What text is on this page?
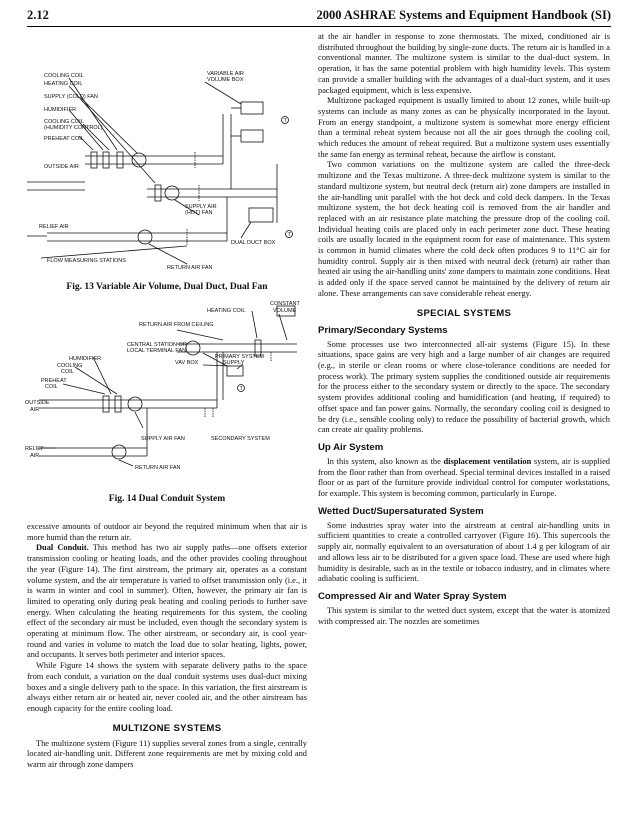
2.12	2000 ASHRAE Systems and Equipment Handbook (SI)
COOLING COIL
HEATING COIL
SUPPLY (COLD) FAN
HUMIDIFIER
COOLING COIL
(HUMIDITY CONTROL)
PREHEAT COIL
OUTSIDE AIR
VARIABLE AIR
VOLUME BOX
SUPPLY AIR
(HOT) FAN
RELIEF AIR
DUAL DUCT BOX
FLOW MEASURING STATIONS
RETURN AIR FAN
T
T
Fig. 13 Variable Air Volume, Dual Duct, Dual Fan
HEATING COIL
CONSTANT
VOLUME
RETURN AIR FROM CEILING
CENTRAL STATION OR
LOCAL TERMINAL FAN
HUMIDIFIER
COOLING
COIL
VAV BOX
PRIMARY SYSTEM
SUPPLY
PREHEAT
COIL
OUTSIDE
AIR
SUPPLY AIR FAN	SECONDARY SYSTEM
RELIEF
AIR
RETURN AIR FAN
T
Fig. 14 Dual Conduit System

excessive amounts of outdoor air beyond the required minimum when that air is more humid than the return air.

Dual Conduit. This method has two air supply paths—one offsets exterior transmission cooling or heating loads, and the other provides cooling throughout the year (Figure 14). The first airstream, the primary air, operates as a constant volume system, and the air temperature is varied to offset transmission only (i.e., it is warm in winter and cool in summer). Often, however, the primary air fan is limited to operating only during peak heating and cooling periods to further save energy. When calculating the heating requirements for this system, the cooling effect of the secondary air must be included, even though the secondary system is operating at minimum flow. The other airstream, or secondary air, is cool year-round and varies in volume to match the load due to solar heating, lights, power, and occupants. It serves both perimeter and interior spaces.

While Figure 14 shows the system with separate delivery paths to the space from each conduit, a variation on the dual conduit systems uses dual-duct mixing boxes and a single delivery path to the space. In this variation, the first airstream is always either return air or heated air, never cooled air, and the other airstream has enough capacity for the entire cooling load.

MULTIZONE SYSTEMS

The multizone system (Figure 11) supplies several zones from a single, centrally located air-handling unit. Different zone requirements are met by mixing cold and warm air through zone dampers

at the air handler in response to zone thermostats. The mixed, conditioned air is distributed throughout the building by single-zone ducts. The return air is handled in a conventional manner. The multizone system is similar to the dual-duct system. In operation, it has the same potential problem with high humidity levels. This system can provide a smaller building with the advantages of a dual-duct system, and it uses packaged equipment, which is less expensive.

Multizone packaged equipment is usually limited to about 12 zones, while built-up systems can include as many zones as can be physically incorporated in the layout. From an energy standpoint, a multizone system is somewhat more energy efficient than a terminal reheat system because not all the air goes through the cooling coil, which reduces the amount of reheat required. But a multizone system uses essentially the same fan energy as terminal reheat, because the airflow is constant.

Two common variations on the multizone system are called the three-deck multizone and the Texas multizone. A three-deck multizone system is similar to the standard multizone system, but neutral deck (return air) zone dampers are installed in the air-handling unit parallel with the hot deck and cold deck dampers. In the Texas multizone system, the hot deck heating coil is removed from the air handler and replaced with an air resistance plate matching the pressure drop of the cooling coil. Individual heating coils are placed only in each perimeter zone duct. These heating coils are usually located in the equipment room for ease of maintenance. This system is common in humid climates where the cold deck often produces 9 to 11°C air for humidity control. Supply air is then mixed with neutral deck (return) air rather than heated air using the air-handling units' zone dampers to maintain zone conditions. Heat is added only if the space served cannot be maintained by the delivery of return air alone. These arrangements can save considerable reheat energy.

SPECIAL SYSTEMS
Primary/Secondary Systems

Some processes use two interconnected all-air systems (Figure 15). In these situations, space gains are very high and a large number of air changes are required (e.g., in sterile or clean rooms or where close-tolerance conditions are needed for process work). The primary system supplies the conditioned outside air requirements for the process either to the secondary system or directly to the space. The secondary system provides additional cooling and humidification (and heating, if required) to offset space and fan power gains. Normally, the secondary cooling coil is designed to be dry (i.e., sensible cooling only) to reduce the possibility of bacterial growth, which can create air quality problems.

Up Air System

In this system, also known as the displacement ventilation system, air is supplied from the floor rather than from overhead. Special terminal devices installed in a raised floor or as part of the furniture provide individual control for computer workstations, for example. This system is becoming common, particularly in Europe.

Wetted Duct/Supersaturated System

Some industries spray water into the airstream at central air-handling units in sufficient quantities to create a controlled carryover (Figure 16). This supercools the supply air, normally equivalent to an oversaturation of about 1.4 g per kilogram of air and allows less air to be distributed for a given space load. These are used where high humidity is desirable, such as in the textile or tobacco industry, and in climates where adiabatic cooling is sufficient.

Compressed Air and Water Spray System

This system is similar to the wetted duct system, except that the water is atomized with compressed air. The nozzles are sometimes
